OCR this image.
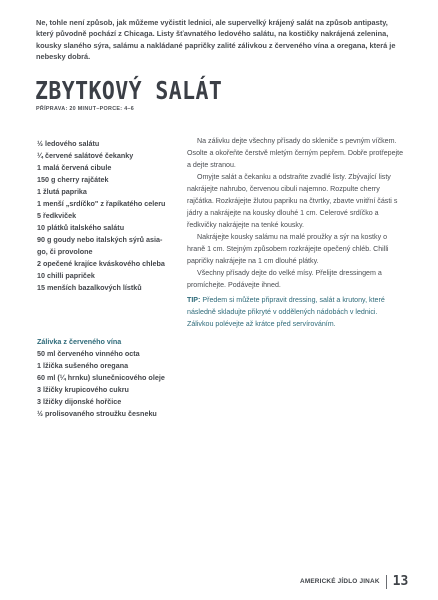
Ne, tohle není způsob, jak můžeme vyčistit lednici, ale supervelký krájený salát na způsob antipasty, který původně pochází z Chicaga. Listy šťavnatého ledového salátu, na kostičky nakrájená zelenina, kousky slaného sýra, salámu a nakládané papričky zalité zálivkou z červeného vína a oregana, která je nebesky dobrá.
ZBYTKOVÝ SALÁT
PŘÍPRAVA: 20 MINUT–PORCE: 4–6
½ ledového salátu
¼ červené salátové čekanky
1 malá červená cibule
150 g cherry rajčátek
1 žlutá paprika
1 menší „srdíčko" z řapíkatého celeru
5 ředkviček
10 plátků italského salátu
90 g goudy nebo italských sýrů asiago, či provolone
2 opečené krajíce kváskového chleba
10 chilli papriček
15 menších bazalkových lístků
Zálivka z červeného vína
50 ml červeného vinného octa
1 lžička sušeného oregana
60 ml (¼ hrnku) slunečnicového oleje
3 lžičky krupicového cukru
3 lžičky dijonské hořčice
½ prolisovaného stroužku česneku

Na zálivku dejte všechny přísady do skleniče s pevným víčkem. Osolte a okořeňte čerstvě mletým černým pepřem. Dobře protřepejte a dejte stranou.

Omyjte salát a čekanku a odstraňte zvadlé listy. Zbývající listy nakrájejte nahrubo, červenou cibuli najemno. Rozpulte cherry rajčátka. Rozkrájejte žlutou papriku na čtvrtky, zbavte vnitřní části s jádry a nakrájejte na kousky dlouhé 1 cm. Celerové srdíčko a ředkvičky nakrájejte na tenké kousky.

Nakrájejte kousky salámu na malé proužky a sýr na kostky o hraně 1 cm. Stejným způsobem rozkrájejte opečený chléb. Chilli papričky nakrájejte na 1 cm dlouhé plátky.

Všechny přísady dejte do velké mísy. Přelijte dressingem a promíchejte. Podávejte ihned.

TIP: Předem si můžete připravit dressing, salát a krutony, které následně skladujte přikryté v oddělených nádobách v lednici. Zálivkou polévejte až krátce před servírováním.
AMERICKÉ JÍDLO JINAK 13
